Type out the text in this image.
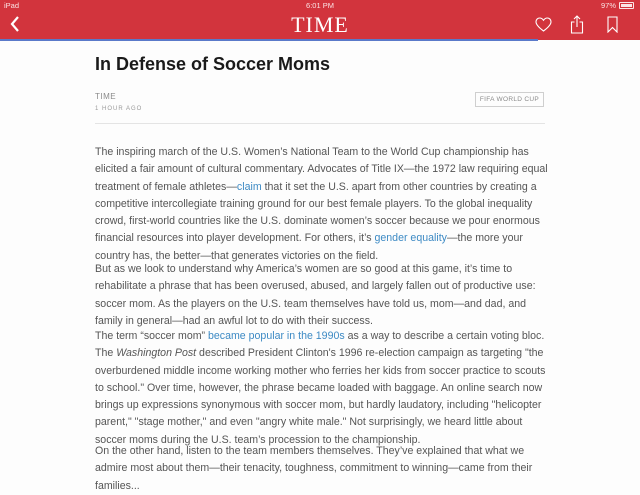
iPad	6:01 PM	97%
TIME
In Defense of Soccer Moms
TIME
1 HOUR AGO
FIFA WORLD CUP

The inspiring march of the U.S. Women’s National Team to the World Cup championship has elicited a fair amount of cultural commentary. Advocates of Title IX—the 1972 law requiring equal treatment of female athletes—claim that it set the U.S. apart from other countries by creating a competitive intercollegiate training ground for our best female players. To the global inequality crowd, first-world countries like the U.S. dominate women’s soccer because we pour enormous financial resources into player development. For others, it’s gender equality—the more your country has, the better—that generates victories on the field.

But as we look to understand why America’s women are so good at this game, it’s time to rehabilitate a phrase that has been overused, abused, and largely fallen out of productive use: soccer mom. As the players on the U.S. team themselves have told us, mom—and dad, and family in general—had an awful lot to do with their success.

The term “soccer mom” became popular in the 1990s as a way to describe a certain voting bloc. The Washington Post described President Clinton's 1996 re-election campaign as targeting "the overburdened middle income working mother who ferries her kids from soccer practice to scouts to school." Over time, however, the phrase became loaded with baggage. An online search now brings up expressions synonymous with soccer mom, but hardly laudatory, including "helicopter parent," "stage mother," and even "angry white male." Not surprisingly, we heard little about soccer moms during the U.S. team’s procession to the championship.

On the other hand, listen to the team members themselves. They’ve explained that what we admire most about them—their tenacity, toughness, commitment to winning—came from their families...
